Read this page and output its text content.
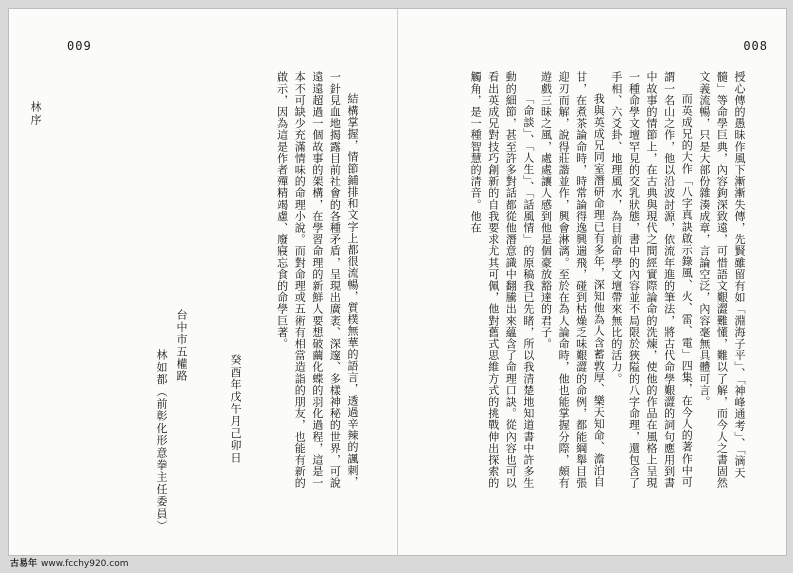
009
林序	結構掌握，情節鋪排和文字上都很流暢，質樸無華的語言，透過辛辣的諷刺，一針見血地揭露目前社會的各種矛盾，呈現出廣袤、深邃、多樣神秘的世界，可說遠遠超過一個故事的架構，在學習命理的新鮮人要想破繭化蝶的羽化過程，這是一本不可缺少充滿情味的命理小說。而對命理或五術有相當造詣的朋友，也能有新的啟示，因為這是作者殫精竭慮、廢寢忘食的命學巨著。

癸酉年戊午月己卯日
台中市五權路
林如都（前彰化形意拳主任委員）
008

授心傳的愚昧作風下漸漸失傳，先賢雖留有如「淵海子平」、「神峰通考」、「滴天髓」等命學巨典，內容鉤深致遠，可惜語文艱澀難懂，難以了解，而今人之書固然文義流暢，只是大部份雜湊成章，言論空泛，內容毫無具體可言。

而英成兄的大作「八字真訣啟示錄風、火、雷、電」四集，在今人的著作中可謂一名山之作，他以沿波討源，依流年進的筆法，將古代命學艱澀的詞句應用到書中故事的情節上，在古典與現代之間經實際論命的洗煉，使他的作品在風格上呈現一種命學文壇罕見的交乳狀態，書中的內容並不局限於狹隘的八字命理，還包含了手相、六爻卦、地理風水，為目前命學文壇帶來無比的活力。

我與英成兄同室潛研命理已有多年，深知他為人含蓄敦厚、樂天知命、澹泊自甘，在煮茶論命時，時常論得逸興遄飛，碰到枯燥乏味艱澀的命例，都能綱舉目張迎刃而解，說得莊諧並作，興會淋漓。至於在為人論命時，他也能掌握分際，頗有遊戲三昧之風，處處讓人感到他是個豪放豁達的君子。

「命談」、「人生」、「話風情」的原稿我已先睹，所以我清楚地知道書中許多生動的細節，甚至許多對話都從他潛意識中翻騰出來蘊含了命理口訣。從內容也可以看出英成兄對技巧創新的自我要求尤其可佩，他對舊式思維方式的挑戰伸出探索的觸角，是一種智慧的清音。他在

古易年 www.fcchy920.com
